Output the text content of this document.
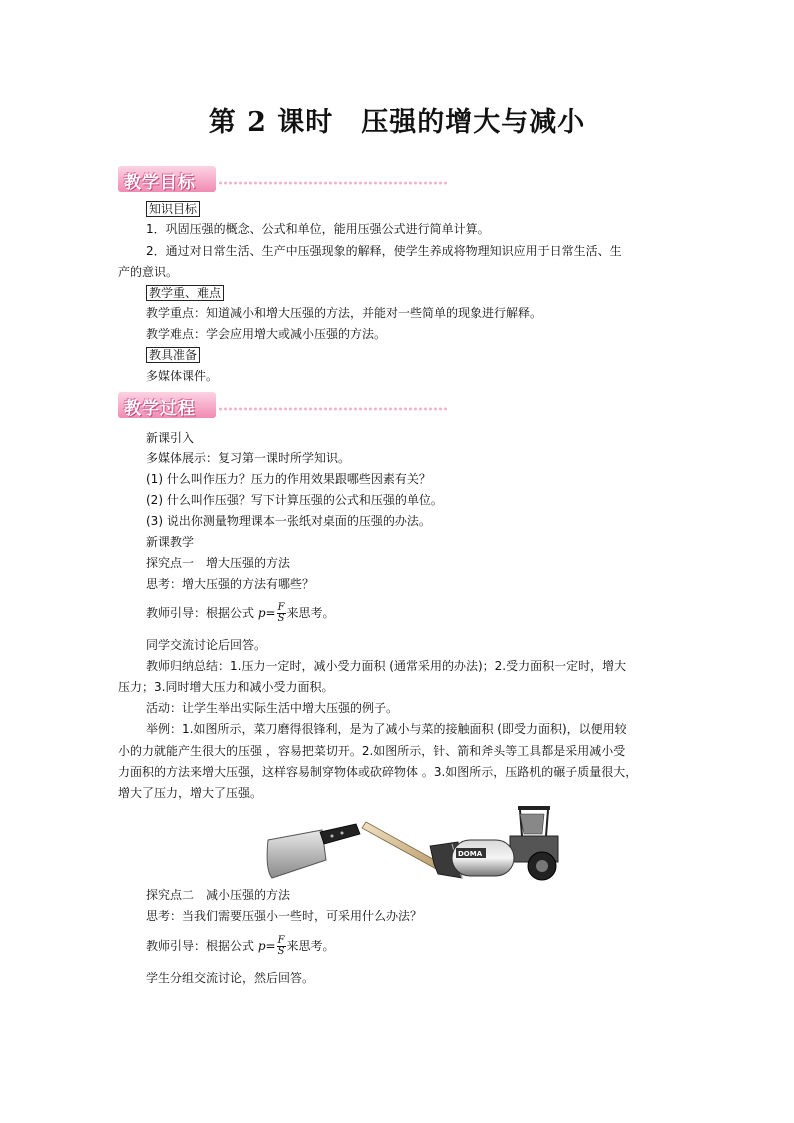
第 2 课时　压强的增大与减小
教学目标
知识目标
1．巩固压强的概念、公式和单位，能用压强公式进行简单计算。
2．通过对日常生活、生产中压强现象的解释，使学生养成将物理知识应用于日常生活、生
产的意识。
教学重、难点
教学重点：知道减小和增大压强的方法，并能对一些简单的现象进行解释。
教学难点：学会应用增大或减小压强的方法。
教具准备
多媒体课件。
教学过程
新课引入
多媒体展示：复习第一课时所学知识。
(1) 什么叫作压力？压力的作用效果跟哪些因素有关？
(2) 什么叫作压强？写下计算压强的公式和压强的单位。
(3) 说出你测量物理课本一张纸对桌面的压强的办法。
新课教学
探究点一　增大压强的方法
思考：增大压强的方法有哪些？
教师引导：根据公式 $p= \frac{F}{S}$ 来思考。
同学交流讨论后回答。
教师归纳总结：1.压力一定时，减小受力面积 (通常采用的办法)；2.受力面积一定时，增大
压力；3.同时增大压力和减小受力面积。
活动：让学生举出实际生活中增大压强的例子。
举例：1.如图所示，菜刀磨得很锋利，是为了减小与菜的接触面积 (即受力面积)，以便用较
小的力就能产生很大的压强 ，容易把菜切开。2.如图所示，针、箭和斧头等工具都是采用减小受
力面积的方法来增大压强，这样容易制穿物体或砍碎物体 。3.如图所示，压路机的碾子质量很大，
增大了压力，增大了压强。
DOMA
探究点二　减小压强的方法
思考：当我们需要压强小一些时，可采用什么办法？
教师引导：根据公式 $p= \frac{F}{S}$ 来思考。
学生分组交流讨论，然后回答。
